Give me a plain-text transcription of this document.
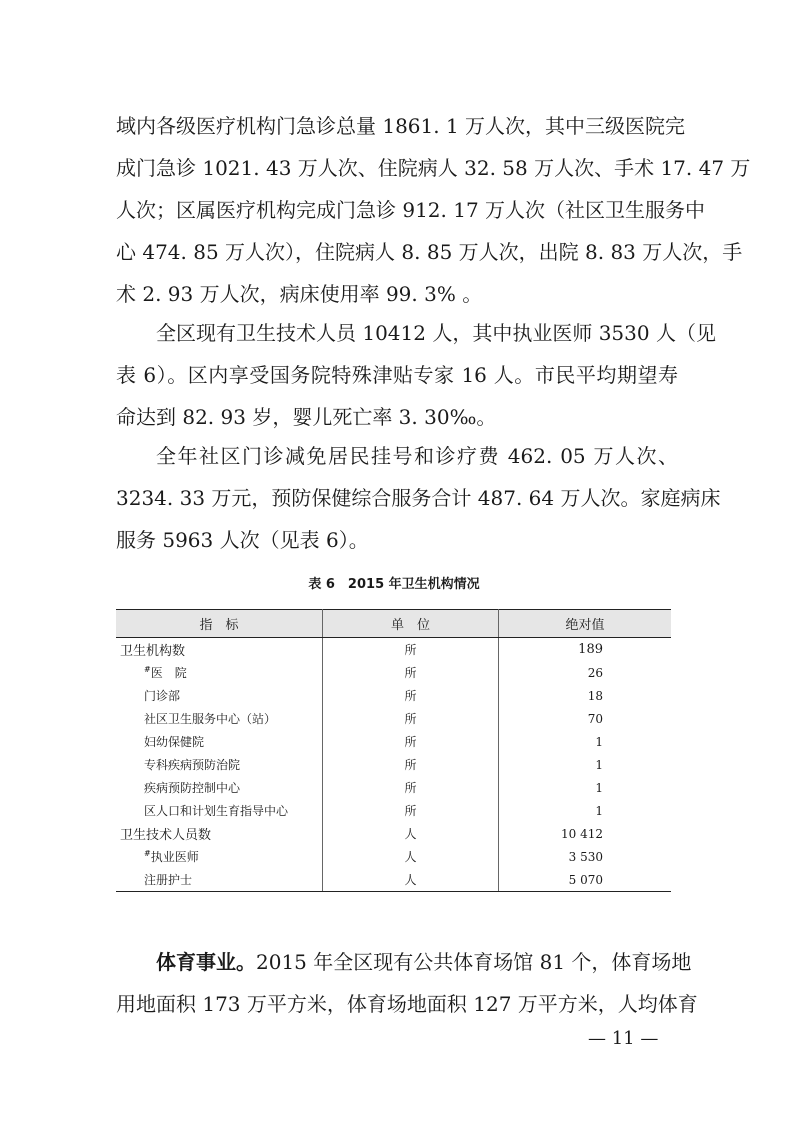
域内各级医疗机构门急诊总量 1861. 1 万人次，其中三级医院完
成门急诊 1021. 43 万人次、住院病人 32. 58 万人次、手术 17. 47 万
人次；区属医疗机构完成门急诊 912. 17 万人次（社区卫生服务中
心 474. 85 万人次），住院病人 8. 85 万人次，出院 8. 83 万人次，手
术 2. 93 万人次，病床使用率 99. 3% 。
全区现有卫生技术人员 10412 人，其中执业医师 3530 人（见
表 6）。区内享受国务院特殊津贴专家 16 人。市民平均期望寿
命达到 82. 93 岁，婴儿死亡率 3. 30‰。
全年社区门诊减免居民挂号和诊疗费 462. 05 万人次、
3234. 33 万元，预防保健综合服务合计 487. 64 万人次。家庭病床
服务 5963 人次（见表 6）。
表 6　2015 年卫生机构情况
指　标	单　位	绝对值
卫生机构数	所	189
#医　院	所	26
门诊部	所	18
社区卫生服务中心（站）	所	70
妇幼保健院	所	1
专科疾病预防治院	所	1
疾病预防控制中心	所	1
区人口和计划生育指导中心	所	1
卫生技术人员数	人	10 412
#执业医师	人	3 530
注册护士	人	5 070
体育事业。2015 年全区现有公共体育场馆 81 个，体育场地
用地面积 173 万平方米，体育场地面积 127 万平方米，人均体育
— 11 —
